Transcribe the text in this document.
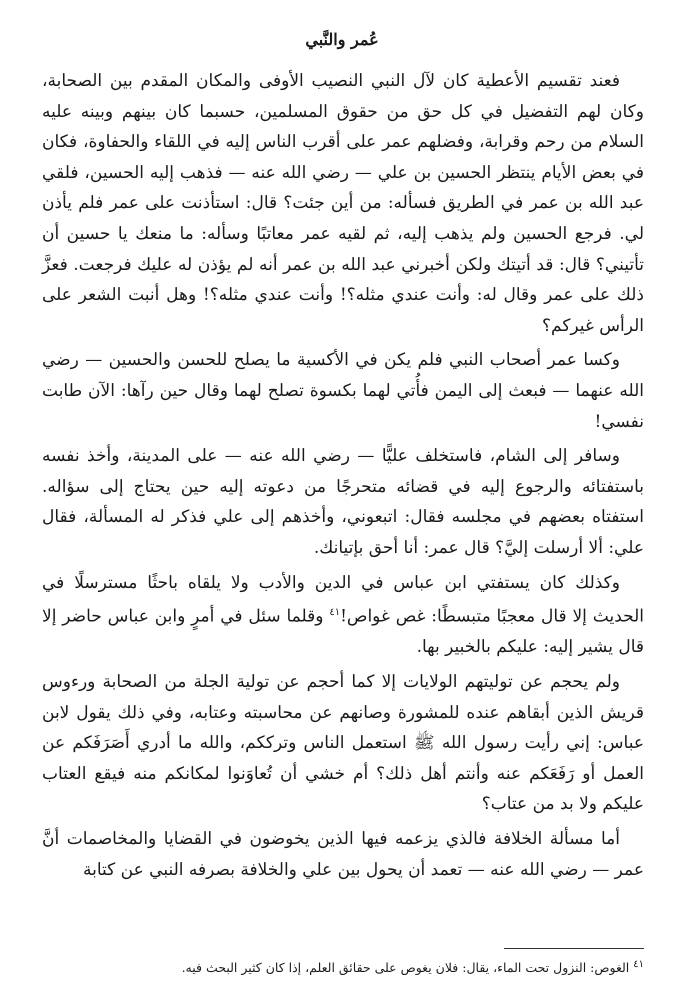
عُمر والنَّبي

فعند تقسيم الأعطية كان لآل النبي النصيب الأوفى والمكان المقدم بين الصحابة، وكان لهم التفضيل في كل حق من حقوق المسلمين، حسبما كان بينهم وبينه عليه السلام من رحم وقرابة، وفضلهم عمر على أقرب الناس إليه في اللقاء والحفاوة، فكان في بعض الأيام ينتظر الحسين بن علي — رضي الله عنه — فذهب إليه الحسين، فلقي عبد الله بن عمر في الطريق فسأله: من أين جئت؟ قال: استأذنت على عمر فلم يأذن لي. فرجع الحسين ولم يذهب إليه، ثم لقيه عمر معاتبًا وسأله: ما منعك يا حسين أن تأتيني؟ قال: قد أتيتك ولكن أخبرني عبد الله بن عمر أنه لم يؤذن له عليك فرجعت. فعزَّ ذلك على عمر وقال له: وأنت عندي مثله؟! وأنت عندي مثله؟! وهل أنبت الشعر على الرأس غيركم؟

وكسا عمر أصحاب النبي فلم يكن في الأكسية ما يصلح للحسن والحسين — رضي الله عنهما — فبعث إلى اليمن فأُتي لهما بكسوة تصلح لهما وقال حين رآها: الآن طابت نفسي!

وسافر إلى الشام، فاستخلف عليًّا — رضي الله عنه — على المدينة، وأخذ نفسه باستفتائه والرجوع إليه في قضائه متحرجًا من دعوته إليه حين يحتاج إلى سؤاله. استفتاه بعضهم في مجلسه فقال: اتبعوني، وأخذهم إلى علي فذكر له المسألة، فقال علي: ألا أرسلت إليَّ؟ قال عمر: أنا أحق بإتيانك.

وكذلك كان يستفتي ابن عباس في الدين والأدب ولا يلقاه باحثًا مسترسلًا في الحديث إلا قال معجبًا متبسطًا: غص غواص!$^{٤١}$ وقلما سئل في أمرٍ وابن عباس حاضر إلا قال يشير إليه: عليكم بالخبير بها.

ولم يحجم عن توليتهم الولايات إلا كما أحجم عن تولية الجلة من الصحابة ورءوس قريش الذين أبقاهم عنده للمشورة وصانهم عن محاسبته وعتابه، وفي ذلك يقول لابن عباس: إني رأيت رسول الله ﷺ استعمل الناس وترككم، والله ما أدري أَصَرَفَكم عن العمل أو رَفَعَكم عنه وأنتم أهل ذلك؟ أم خشي أن تُعاوَنوا لمكانكم منه فيقع العتاب عليكم ولا بد من عتاب؟

أما مسألة الخلافة فالذي يزعمه فيها الذين يخوضون في القضايا والمخاصمات أنَّ عمر — رضي الله عنه — تعمد أن يحول بين علي والخلافة بصرفه النبي عن كتابة

$^{٤١}$ الغوص: النزول تحت الماء، يقال: فلان يغوص على حقائق العلم، إذا كان كثير البحث فيه.
